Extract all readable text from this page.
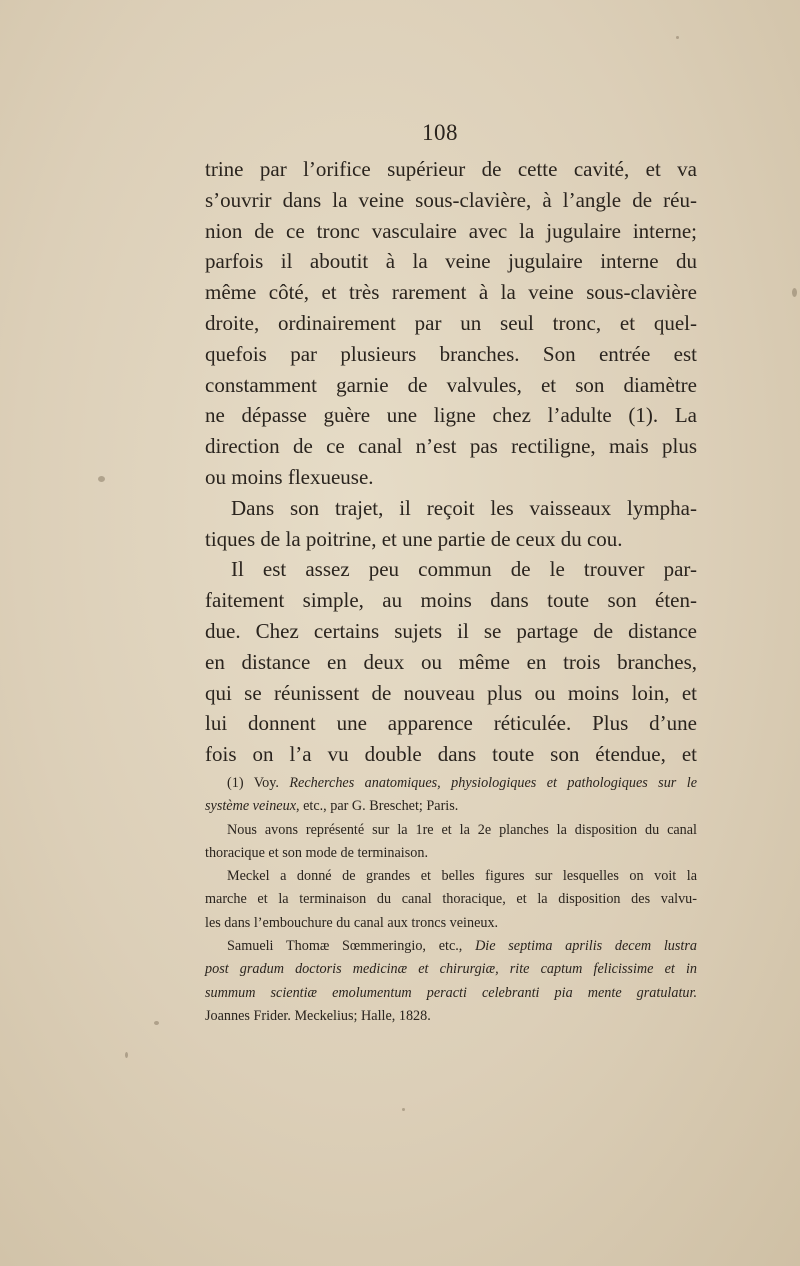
108
trine par l’orifice supérieur de cette cavité, et va
s’ouvrir dans la veine sous-clavière, à l’angle de réu-
nion de ce tronc vasculaire avec la jugulaire interne;
parfois il aboutit à la veine jugulaire interne du
même côté, et très rarement à la veine sous-clavière
droite, ordinairement par un seul tronc, et quel-
quefois par plusieurs branches. Son entrée est
constamment garnie de valvules, et son diamètre
ne dépasse guère une ligne chez l’adulte (1). La
direction de ce canal n’est pas rectiligne, mais plus
ou moins flexueuse.
Dans son trajet, il reçoit les vaisseaux lympha-
tiques de la poitrine, et une partie de ceux du cou.
Il est assez peu commun de le trouver par-
faitement simple, au moins dans toute son éten-
due. Chez certains sujets il se partage de distance
en distance en deux ou même en trois branches,
qui se réunissent de nouveau plus ou moins loin, et
lui donnent une apparence réticulée. Plus d’une
fois on l’a vu double dans toute son étendue, et
(1) Voy. Recherches anatomiques, physiologiques et pathologiques sur le
système veineux, etc., par G. Breschet; Paris.
Nous avons représenté sur la 1re et la 2e planches la disposition du canal
thoracique et son mode de terminaison.
Meckel a donné de grandes et belles figures sur lesquelles on voit la
marche et la terminaison du canal thoracique, et la disposition des valvu-
les dans l’embouchure du canal aux troncs veineux.
Samueli Thomæ Sœmmeringio, etc., Die septima aprilis decem lustra
post gradum doctoris medicinæ et chirurgiæ, rite captum felicissime et in
summum scientiæ emolumentum peracti celebranti pia mente gratulatur.
Joannes Frider. Meckelius; Halle, 1828.
